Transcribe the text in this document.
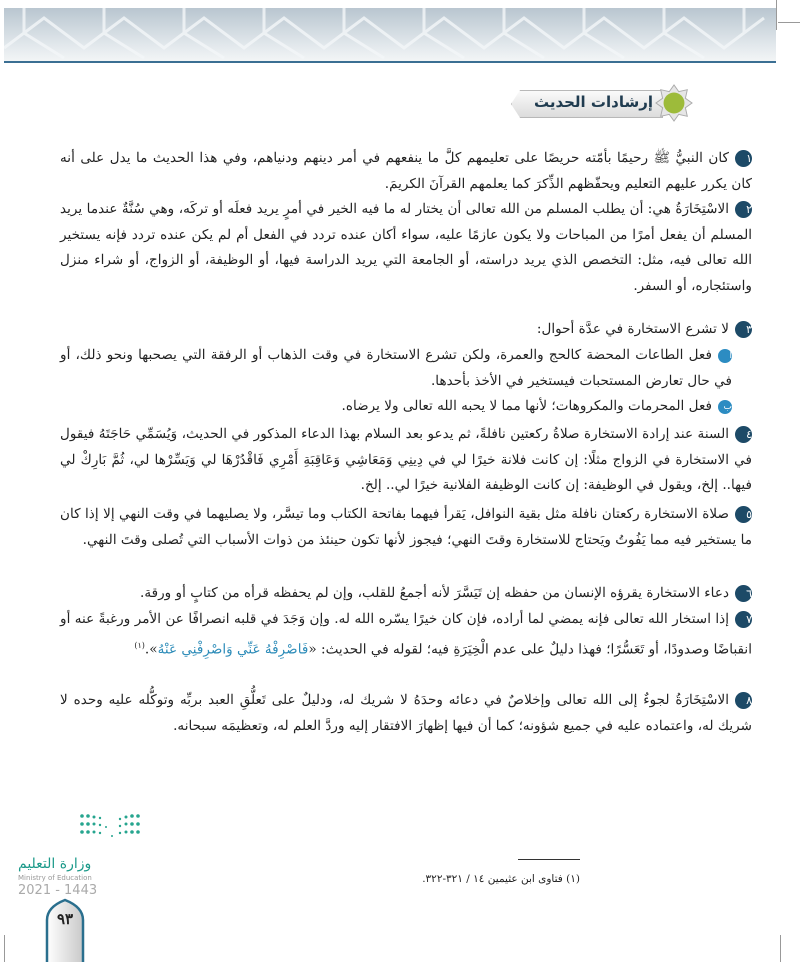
إرشادات الحديث
١كان النبيُّ ﷺ رحيمًا بأمّته حريصًا على تعليمهم كلَّ ما ينفعهم في أمر دينهم ودنياهم، وفي هذا الحديث ما يدل على أنه كان يكرر عليهم التعليم ويحفّظهم الذِّكرَ كما يعلمهم القرآنَ الكريمَ.
٢الاسْتِخَارَةُ هي: أن يطلب المسلم من الله تعالى أن يختار له ما فيه الخير في أمرٍ يريد فعلَه أو تركَه، وهي سُنَّةٌ عندما يريد المسلم أن يفعل أمرًا من المباحات ولا يكون عازمًا عليه، سواء أكان عنده تردد في الفعل أم لم يكن عنده تردد فإنه يستخير الله تعالى فيه، مثل: التخصص الذي يريد دراسته، أو الجامعة التي يريد الدراسة فيها، أو الوظيفة، أو الزواج، أو شراء منزل واستئجاره، أو السفر.
٣لا تشرع الاستخارة في عدَّة أحوال:
أفعل الطاعات المحضة كالحج والعمرة، ولكن تشرع الاستخارة في وقت الذهاب أو الرفقة التي يصحبها ونحو ذلك، أو في حال تعارض المستحبات فيستخير في الأخذ بأحدها.
بفعل المحرمات والمكروهات؛ لأنها مما لا يحبه الله تعالى ولا يرضاه.
٤السنة عند إرادة الاستخارة صلاةُ ركعتين نافلةً، ثم يدعو بعد السلام بهذا الدعاء المذكور في الحديث، وَيُسَمِّي حَاجَتَهُ فيقول في الاستخارة في الزواج مثلًا: إن كانت فلانة خيرًا لي في دِينِي وَمَعَاشِي وَعَاقِبَةِ أَمْرِي فَاقْدُرْهَا لي وَيَسِّرْها لي، ثُمَّ بَارِكْ لي فيها.. إلخ، ويقول في الوظيفة: إن كانت الوظيفة الفلانية خيرًا لي.. إلخ.
٥صلاة الاستخارة ركعتان نافلة مثل بقية النوافل، يَقرأ فيهما بفاتحة الكتاب وما تيسَّر، ولا يصليهما في وقت النهي إلا إذا كان ما يستخير فيه مما يَفُوتُ ويَحتاج للاستخارة وقتَ النهي؛ فيجوز لأنها تكون حينئذ من ذوات الأسباب التي تُصلى وقتَ النهي.
٦دعاء الاستخارة يقرؤه الإنسان من حفظه إن تَيَسَّرَ لأنه أجمعُ للقلب، وإن لم يحفظه قرأه من كتابٍ أو ورقة.
٧إذا استخار الله تعالى فإنه يمضي لما أراده، فإن كان خيرًا يسّره الله له. وإن وَجَدَ في قلبه انصرافًا عن الأمر ورغبةً عنه أو انقباضًا وصدودًا، أو تَعَسُّرًا؛ فهذا دليلٌ على عدم الْخِيَرَةِ فيه؛ لقوله في الحديث: «فَاصْرِفْهُ عَنِّي وَاصْرِفْنِي عَنْهُ».$^{(١)}$
٨الاسْتِخَارَةُ لجوءٌ إلى الله تعالى وإخلاصٌ في دعائه وحدَهُ لا شريك له، ودليلٌ على تَعلُّقِ العبد بربِّه وتوكُّله عليه وحده لا شريك له، واعتماده عليه في جميع شؤونه؛ كما أن فيها إظهارَ الافتقار إليه وردَّ العلم له، وتعظيمَه سبحانه.
(١) فتاوى ابن عثيمين ١٤ / ٣٢١-٣٢٢.
وزارة التعليم
Ministry of Education
2021 - 1443
٩٣
